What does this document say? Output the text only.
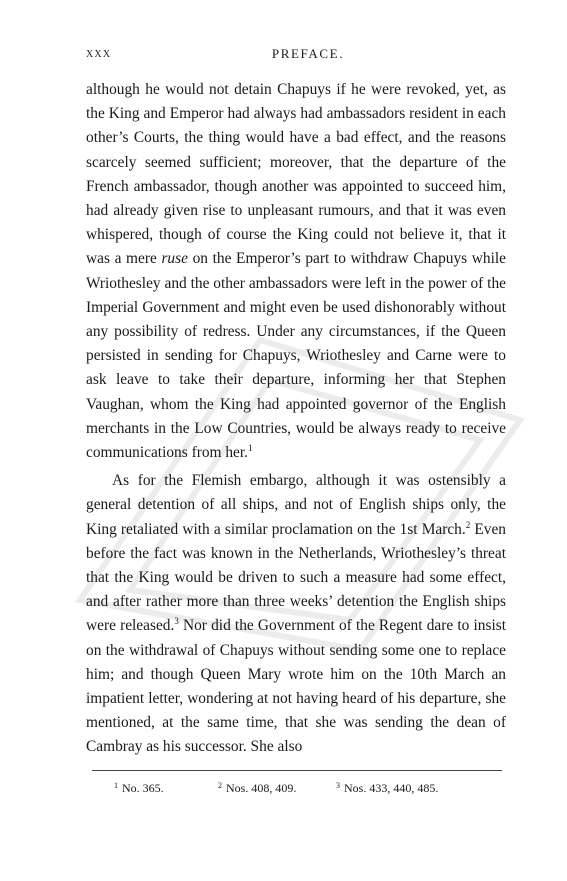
xxx	PREFACE.

although he would not detain Chapuys if he were revoked, yet, as the King and Emperor had always had ambassadors resident in each other’s Courts, the thing would have a bad effect, and the reasons scarcely seemed sufficient; moreover, that the departure of the French ambassador, though another was appointed to succeed him, had already given rise to unpleasant rumours, and that it was even whispered, though of course the King could not believe it, that it was a mere ruse on the Emperor’s part to withdraw Chapuys while Wriothesley and the other ambassadors were left in the power of the Imperial Government and might even be used dishonorably without any possibility of redress. Under any circumstances, if the Queen persisted in sending for Chapuys, Wriothesley and Carne were to ask leave to take their departure, informing her that Stephen Vaughan, whom the King had appointed governor of the English merchants in the Low Countries, would be always ready to receive communications from her.$^1$

As for the Flemish embargo, although it was ostensibly a general detention of all ships, and not of English ships only, the King retaliated with a similar proclamation on the 1st March.$^2$ Even before the fact was known in the Netherlands, Wriothesley’s threat that the King would be driven to such a measure had some effect, and after rather more than three weeks’ detention the English ships were released.$^3$ Nor did the Government of the Regent dare to insist on the withdrawal of Chapuys without sending some one to replace him; and though Queen Mary wrote him on the 10th March an impatient letter, wondering at not having heard of his departure, she mentioned, at the same time, that she was sending the dean of Cambray as his successor. She also

$^1$ No. 365.	$^2$ Nos. 408, 409.	$^3$ Nos. 433, 440, 485.
